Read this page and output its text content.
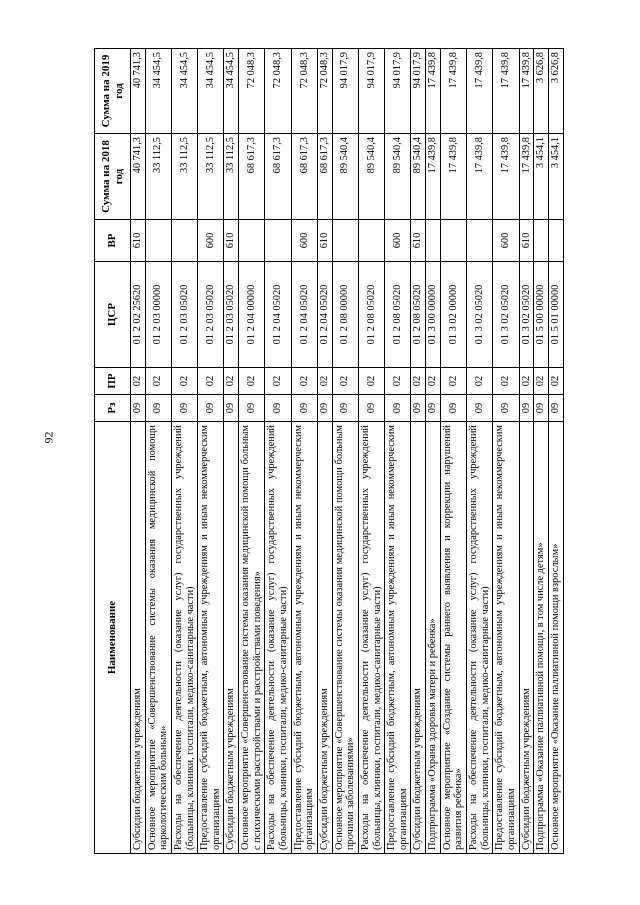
92
Наименование	Рз	ПР	ЦСР	ВР	Сумма на 2018 год	Сумма на 2019 год
Субсидии бюджетным учреждениям	09	02	01 2 02 25620	610	40 741,3	40 741,3
Основное мероприятие «Совершенствование системы оказания медицинской помощи наркологическим больным»	09	02	01 2 03 00000		33 112,5	34 454,5
Расходы на обеспечение деятельности (оказание услуг) государственных учреждений (больницы, клиники, госпитали, медико-санитарные части)	09	02	01 2 03 05020		33 112,5	34 454,5
Предоставление субсидий бюджетным, автономным учреждениям и иным некоммерческим организациям	09	02	01 2 03 05020	600	33 112,5	34 454,5
Субсидии бюджетным учреждениям	09	02	01 2 03 05020	610	33 112,5	34 454,5
Основное мероприятие «Совершенствование системы оказания медицинской помощи больным с психическими расстройствами и расстройствами поведения»	09	02	01 2 04 00000		68 617,3	72 048,3
Расходы на обеспечение деятельности (оказание услуг) государственных учреждений (больницы, клиники, госпитали, медико-санитарные части)	09	02	01 2 04 05020		68 617,3	72 048,3
Предоставление субсидий бюджетным, автономным учреждениям и иным некоммерческим организациям	09	02	01 2 04 05020	600	68 617,3	72 048,3
Субсидии бюджетным учреждениям	09	02	01 2 04 05020	610	68 617,3	72 048,3
Основное мероприятие «Совершенствование системы оказания медицинской помощи больным прочими заболеваниями»	09	02	01 2 08 00000		89 540,4	94 017,9
Расходы на обеспечение деятельности (оказание услуг) государственных учреждений (больницы, клиники, госпитали, медико-санитарные части)	09	02	01 2 08 05020		89 540,4	94 017,9
Предоставление субсидий бюджетным, автономным учреждениям и иным некоммерческим организациям	09	02	01 2 08 05020	600	89 540,4	94 017,9
Субсидии бюджетным учреждениям	09	02	01 2 08 05020	610	89 540,4	94 017,9
Подпрограмма «Охрана здоровья матери и ребенка»	09	02	01 3 00 00000		17 439,8	17 439,8
Основное мероприятие «Создание системы раннего выявления и коррекции нарушений развития ребенка»	09	02	01 3 02 00000		17 439,8	17 439,8
Расходы на обеспечение деятельности (оказание услуг) государственных учреждений (больницы, клиники, госпитали, медико-санитарные части)	09	02	01 3 02 05020		17 439,8	17 439,8
Предоставление субсидий бюджетным, автономным учреждениям и иным некоммерческим организациям	09	02	01 3 02 05020	600	17 439,8	17 439,8
Субсидии бюджетным учреждениям	09	02	01 3 02 05020	610	17 439,8	17 439,8
Подпрограмма «Оказание паллиативной помощи, в том числе детям»	09	02	01 5 00 00000		3 454,1	3 626,8
Основное мероприятие «Оказание паллиативной помощи взрослым»	09	02	01 5 01 00000		3 454,1	3 626,8
